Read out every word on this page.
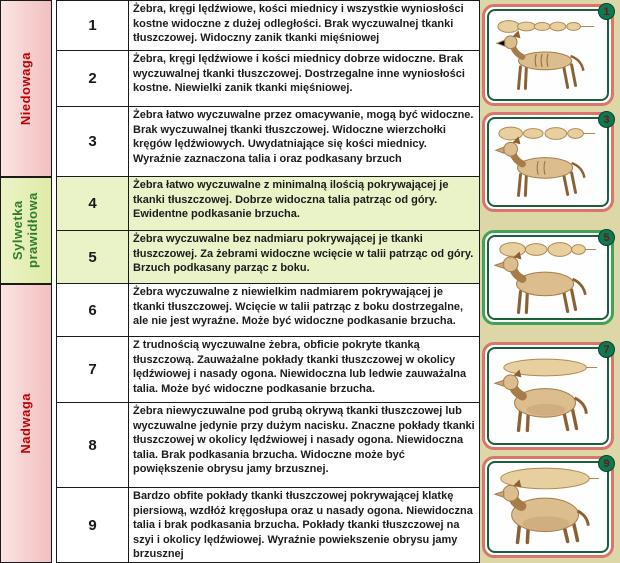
Niedowaga
Sylwetka prawidłowa
Nadwaga
1
Żebra, kręgi lędźwiowe, kości miednicy i wszystkie wyniosłości kostne widoczne z dużej odległości. Brak wyczuwalnej tkanki tłuszczowej. Widoczny zanik tkanki mięśniowej
2
Żebra, kręgi lędźwiowe i kości miednicy dobrze widoczne. Brak wyczuwalnej tkanki tłuszczowej. Dostrzegalne inne wyniosłości kostne. Niewielki zanik tkanki mięśniowej.
3
Żebra łatwo wyczuwalne przez omacywanie, mogą być widoczne. Brak wyczuwalnej tkanki tłuszczowej. Widoczne wierzchołki kręgów lędźwiowych. Uwydatniające się kości miednicy. Wyraźnie zaznaczona talia i oraz podkasany brzuch
4
Żebra łatwo wyczuwalne z minimalną ilością pokrywającej je tkanki tłuszczowej. Dobrze widoczna talia patrząc od góry. Ewidentne podkasanie brzucha.
5
Żebra wyczuwalne bez nadmiaru pokrywającej je tkanki tłuszczowej. Za żebrami widoczne wcięcie w talii patrząc od góry. Brzuch podkasany parząc z boku.
6
Żebra wyczuwalne z niewielkim nadmiarem pokrywającej je tkanki tłuszczowej. Wcięcie w talii patrząc z boku dostrzegalne, ale nie jest wyraźne. Może być widoczne podkasanie brzucha.
7
Z trudnością wyczuwalne żebra, obficie pokryte tkanką tłuszczową. Zauważalne pokłady tkanki tłuszczowej w okolicy lędźwiowej i nasady ogona. Niewidoczna lub ledwie zauważalna talia. Może być widoczne podkasanie brzucha.
8
Żebra niewyczuwalne pod grubą okrywą tkanki tłuszczowej lub wyczuwalne jedynie przy dużym nacisku. Znaczne pokłady tkanki tłuszczowej w okolicy lędźwiowej i nasady ogona. Niewidoczna talia. Brak podkasania brzucha. Widoczne może być powiększenie obrysu jamy brzusznej.
9
Bardzo obfite pokłady tkanki tłuszczowej pokrywającej klatkę piersiową, wzdłóż kręgosłupa oraz u nasady ogona. Niewidoczna talia i brak podkasania brzucha. Pokłady tkanki tłuszczowej na szyi i okolicy lędźwiowej. Wyraźnie powiekszenie obrysu jamy brzusznej
1
3
5
7
9
